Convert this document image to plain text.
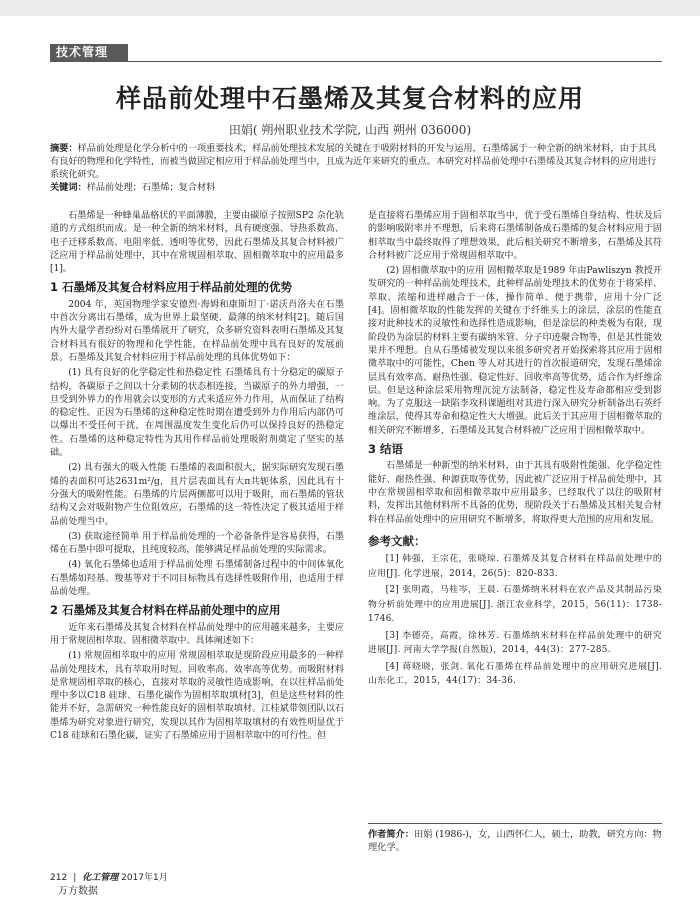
技术管理
样品前处理中石墨烯及其复合材料的应用
田娟( 朔州职业技术学院, 山西 朔州 036000)

摘要：样品前处理是化学分析中的一项重要技术，样品前处理技术发展的关键在于吸附材料的开发与运用，石墨烯属于一种全新的纳米材料，由于其具有良好的物理和化学特性，而被当做固定相应用于样品前处理当中，且成为近年来研究的重点。本研究对样品前处理中石墨烯及其复合材料的应用进行系统化研究。

关键词：样品前处理；石墨烯；复合材料

石墨烯是一种蜂巢晶格状的平面薄膜，主要由碳原子按照SP2 杂化轨道的方式组织而成。是一种全新的纳米材料，具有硬度强、导热系数高、电子迁移系数高、电阻率低、透明等优势，因此石墨烯及其复合材料被广泛应用于样品前处理中，其中在常规固相萃取、固相微萃取中的应用最多[1]。

1 石墨烯及其复合材料应用于样品前处理的优势

2004 年，英国物理学家安德烈·海姆和康斯坦丁·诺沃肖洛夫在石墨中首次分离出石墨烯，成为世界上最坚硬、最薄的纳米材料[2]。随后国内外大量学者纷纷对石墨烯展开了研究，众多研究资料表明石墨烯及其复合材料具有很好的物理和化学性能，在样品前处理中具有良好的发展前景。石墨烯及其复合材料应用于样品前处理的具体优势如下：

(1) 具有良好的化学稳定性和热稳定性 石墨烯具有十分稳定的碳原子结构，各碳原子之间以十分柔韧的状态相连接，当碳原子的外力增强，一旦受到外界力的作用就会以变形的方式来适应外力作用，从而保证了结构的稳定性。正因为石墨烯的这种稳定性时期在遭受到外力作用后内部仍可以爆出不受任何干扰，在周围温度发生变化后仍可以保持良好的热稳定性。石墨烯的这种稳定特性为其用作样品前处理吸附剂奠定了坚实的基础。

(2) 具有强大的吸入性能 石墨烯的表面积很大，据实际研究发现石墨烯的表面积可达2631m²/g，且片层表面具有大π共轭体系，因此具有十分强大的吸附性能。石墨烯的片层两侧都可以用于吸附，而石墨烯的管状结构又会对吸附物产生位阻效应，石墨烯的这一特性决定了极其适用于样品前处理当中。

(3) 获取途径简单 用于样品前处理的一个必备条件是容易获得，石墨烯在石墨中即可提取，且纯度较高，能够满足样品前处理的实际需求。

(4) 氧化石墨烯也适用于样品前处理 石墨烯制备过程中的中间体氧化石墨烯如羟基、羧基等对于不同目标物具有选择性吸附作用，也适用于样品前处理。

2 石墨烯及其复合材料在样品前处理中的应用

近年来石墨烯及其复合材料在样品前处理中的应用越来越多，主要应用于常规固相萃取、固相微萃取中。具体阐述如下：

(1) 常规固相萃取中的应用 常规固相萃取是现阶段应用最多的一种样品前处理技术，具有萃取用时短、回收率高、效率高等优势。而吸附材料是常规固相萃取的核心，直接对萃取的灵敏性造成影响，在以往样品前处理中多以C18 硅球、石墨化碳作为固相萃取填材[3]，但是这些材料的性能并不好，急需研究一种性能良好的固相萃取填材。江桂斌带领团队以石墨烯为研究对象进行研究，发现以其作为固相萃取填材的有效性明显优于C18 硅球和石墨化碳，证实了石墨烯应用于固相萃取中的可行性。但

是直接将石墨烯应用于固相萃取当中，优于受石墨烯自身结构、性状及后的影响吸附率并不理想，后来将石墨烯制备成石墨烯的复合材料应用于固相萃取当中最终取得了理想效果，此后相关研究不断增多，石墨烯及其符合材料被广泛应用于常规固相萃取中。

(2) 固相微萃取中的应用 固相微萃取是1989 年由Pawliszyn 教授开发研究的一种样品前处理技术，此种样品前处理技术的优势在于将采样、萃取、浓缩和进样融合于一体，操作简单、便于携带，应用十分广泛[4]。固相微萃取的性能发挥的关键在于纤维头上的涂层，涂层的性能直接对此种技术的灵敏性和选择性造成影响，但是涂层的种类极为有限，现阶段仍为涂层的材料主要有碳纳米管、分子印迹聚合物等，但是其性能效果并不理想。自从石墨烯被发现以来很多研究者开始探索将其应用于固相微萃取中的可能性，Chen 等人对其进行的首次报道研究，发现石墨烯涂层具有效率高、耐热性强、稳定性好、回收率高等优势，适合作为纤维涂层。但是这种涂层采用物理沉淀方法制备，稳定性及寿命都相应受到影响。为了克服这一缺陷李攻科课题组对其进行深入研究分析制备出石英纤维涂层，使得其寿命和稳定性大大增强。此后关于其应用于固相微萃取的相关研究不断增多，石墨烯及其复合材料被广泛应用于固相微萃取中。

3 结语

石墨烯是一种新型的纳米材料，由于其具有吸附性能强、化学稳定性能好、耐热性强、种源获取等优势，因此被广泛应用于样品前处理中，其中在常规固相萃取和固相微萃取中应用最多，已经取代了以往的吸附材料，发挥出其他材料所不具备的优势，现阶段关于石墨烯及其相关复合材料在样品前处理中的应用研究不断增多，将取得更大范围的应用和发展。

参考文献：

[1] 韩强，王宗花，张晓琼. 石墨烯及其复合材料在样品前处理中的应用[J]. 化学进展，2014，26(5)：820-833.

[2] 张明霞，马桂岑，王晨. 石墨烯纳米材料在农产品及其制品污染物分析前处理中的应用进展[J]. 浙江农业科学，2015，56(11)：1738-1746.

[3] 李德亮，高霞，徐林芳. 石墨烯纳米材料在样品前处理中的研究进展[J]. 河南大学学报(自然版)，2014，44(3)：277-285.

[4] 蒋晓晓，张剑. 氧化石墨烯在样品前处理中的应用研究进展[J]. 山东化工，2015，44(17)：34-36.

作者简介：田娟 (1986-)，女，山西怀仁人，硕士，助教，研究方向：物理化学。
212 | 化工管理 2017年1月
万方数据
